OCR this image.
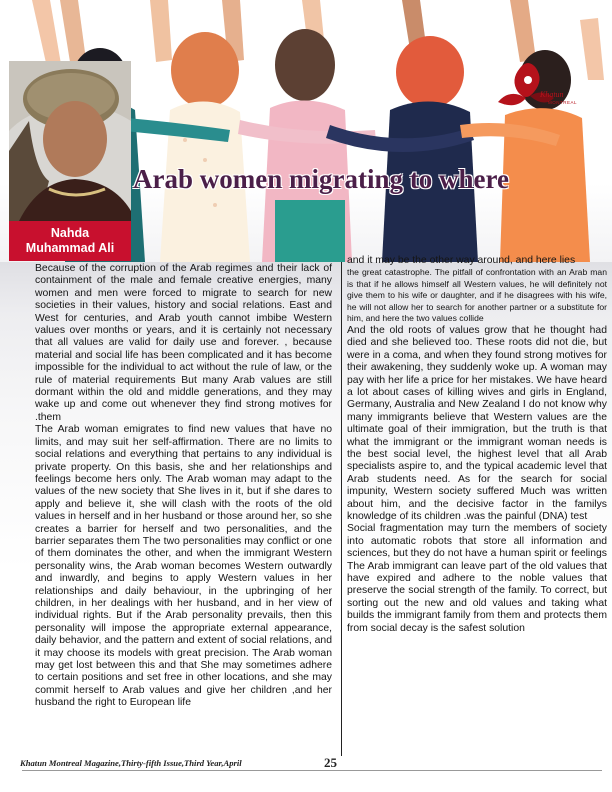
Khatun
MONTREAL
Nahda
Muhammad Ali
Arab women migrating to where

Because of the corruption of the Arab regimes and their lack of containment of the male and female creative energies, many women and men were forced to migrate to search for new societies in their values, history and social relations. East and West for centuries, and Arab youth cannot imbibe Western values over months or years, and it is certainly not necessary that all values are valid for daily use and forever. , because material and social life has been complicated and it has become impossible for the individual to act without the rule of law, or the rule of material requirements But many Arab values are still dormant within the old and middle generations, and they may wake up and come out whenever they find strong motives for .them

The Arab woman emigrates to find new values that have no limits, and may suit her self-affirmation. There are no limits to social relations and everything that pertains to any individual is private property. On this basis, she and her relationships and feelings become hers only. The Arab woman may adapt to the values of the new society that She lives in it, but if she dares to apply and believe it, she will clash with the roots of the old values in herself and in her husband or those around her, so she creates a barrier for herself and two personalities, and the barrier separates them The two personalities may conflict or one of them dominates the other, and when the immigrant Western personality wins, the Arab woman becomes Western outwardly and inwardly, and begins to apply Western values in her relationships and daily behaviour, in the upbringing of her children, in her dealings with her husband, and in her view of individual rights. But if the Arab personality prevails, then this personality will impose the appropriate external appearance, daily behavior, and the pattern and extent of social relations, and it may choose its models with great precision. The Arab woman may get lost between this and that She may sometimes adhere to certain positions and set free in other locations, and she may commit herself to Arab values and give her children ,and her husband the right to European life

and it may be the other way around, and here lies

the great catastrophe. The pitfall of confrontation with an Arab man is that if he allows himself all Western values, he will definitely not give them to his wife or daughter, and if he disagrees with his wife, he will not allow her to search for another partner or a substitute for him, and here the two values collide

And the old roots of values grow that he thought had died and she believed too. These roots did not die, but were in a coma, and when they found strong motives for their awakening, they suddenly woke up. A woman may pay with her life a price for her mistakes. We have heard a lot about cases of killing wives and girls in England, Germany, Australia and New Zealand I do not know why many immigrants believe that Western values are the ultimate goal of their immigration, but the truth is that what the immigrant or the immigrant woman needs is the best social level, the highest level that all Arab specialists aspire to, and the typical academic level that Arab students need. As for the search for social impunity, Western society suffered Much was written about him, and the decisive factor in the familys knowledge of its children .was the painful (DNA) test

Social fragmentation may turn the members of society into automatic robots that store all information and sciences, but they do not have a human spirit or feelings The Arab immigrant can leave part of the old values that have expired and adhere to the noble values that preserve the social strength of the family. To correct, but sorting out the new and old values and taking what builds the immigrant family from them and protects them from social decay is the safest solution

Khatun Montreal Magazine,Thirty-fifth Issue,Third Year,April	25
